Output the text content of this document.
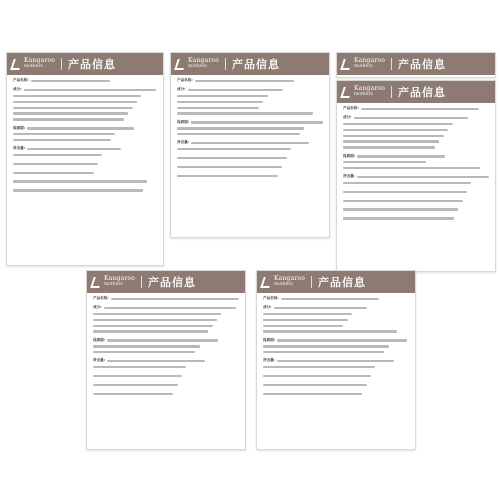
Kangaroo
mothers	产品信息
产品名称:
成分:
保质期:
净含量:
Kangaroo
mothers	产品信息
产品名称:
成分:
保质期:
净含量:
Kangaroo
mothers	产品信息
产品名称:
成分:
保质期:
净含量:
Kangaroo
mothers	产品信息
产品名称:
成分:
保质期:
净含量:
Kangaroo
mothers	产品信息
产品名称:
成分:
保质期:
净含量:
Kangaroo
mothers	产品信息
